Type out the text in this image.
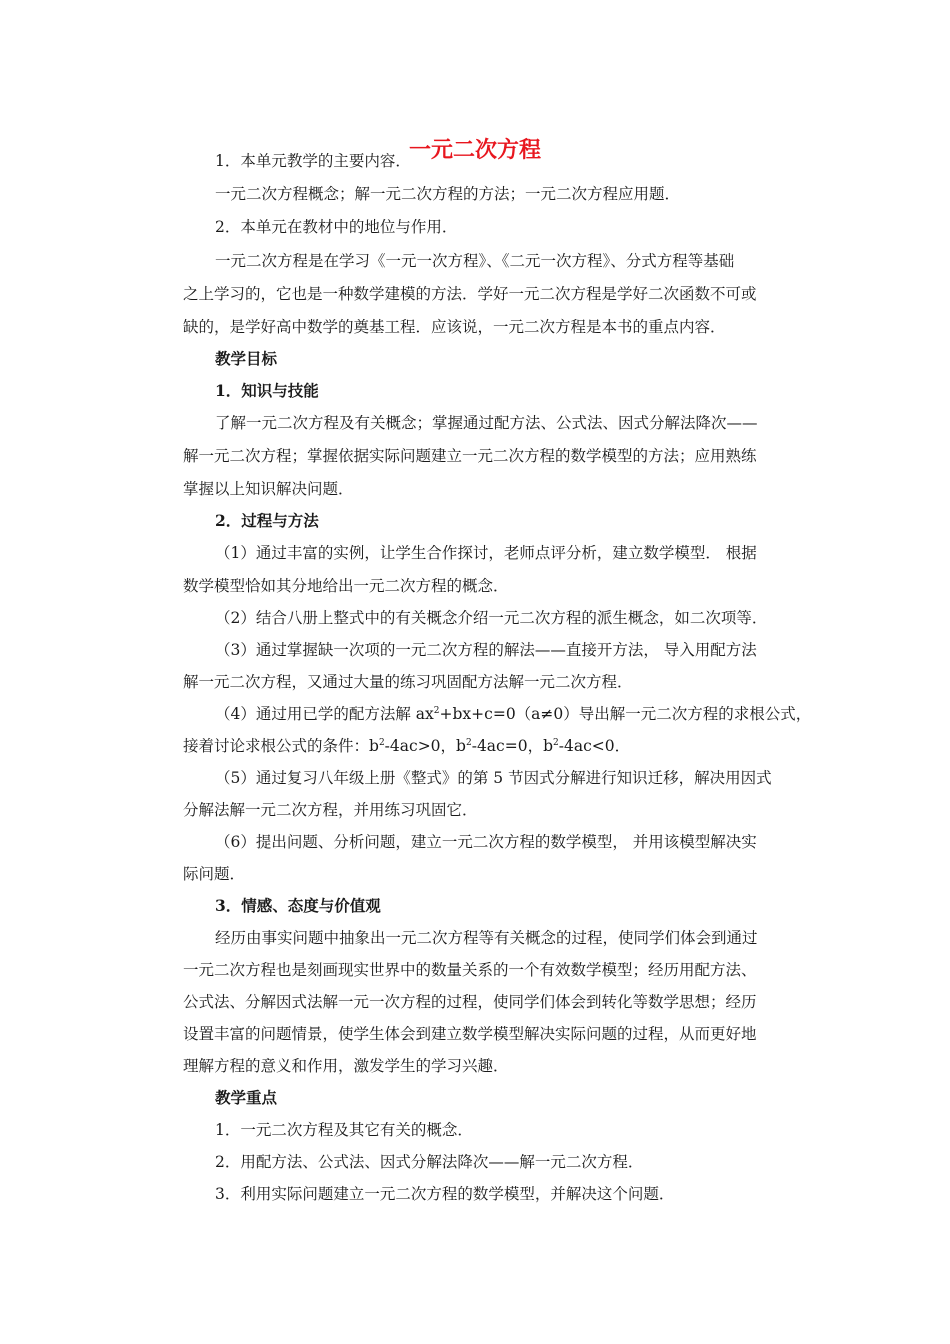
一元二次方程
1．本单元教学的主要内容．
一元二次方程概念；解一元二次方程的方法；一元二次方程应用题．
2．本单元在教材中的地位与作用．
一元二次方程是在学习《一元一次方程》、《二元一次方程》、分式方程等基础
之上学习的，它也是一种数学建模的方法．学好一元二次方程是学好二次函数不可或
缺的，是学好高中数学的奠基工程．应该说，一元二次方程是本书的重点内容．
教学目标
1．知识与技能
了解一元二次方程及有关概念；掌握通过配方法、公式法、因式分解法降次——
解一元二次方程；掌握依据实际问题建立一元二次方程的数学模型的方法；应用熟练
掌握以上知识解决问题．
2．过程与方法
（1）通过丰富的实例，让学生合作探讨，老师点评分析，建立数学模型． 根据
数学模型恰如其分地给出一元二次方程的概念．
（2）结合八册上整式中的有关概念介绍一元二次方程的派生概念，如二次项等．
（3）通过掌握缺一次项的一元二次方程的解法——直接开方法， 导入用配方法
解一元二次方程，又通过大量的练习巩固配方法解一元二次方程．
（4）通过用已学的配方法解 $ax^2+bx+c=0(a\ne 0)$导出解一元二次方程的求根公式，
接着讨论求根公式的条件：$b^2-4ac>0$，$b^2-4ac=0$，$b^2-4ac<0$．
（5）通过复习八年级上册《整式》的第 5 节因式分解进行知识迁移，解决用因式
分解法解一元二次方程，并用练习巩固它．
（6）提出问题、分析问题，建立一元二次方程的数学模型， 并用该模型解决实
际问题．
3．情感、态度与价值观
经历由事实问题中抽象出一元二次方程等有关概念的过程，使同学们体会到通过
一元二次方程也是刻画现实世界中的数量关系的一个有效数学模型；经历用配方法、
公式法、分解因式法解一元一次方程的过程，使同学们体会到转化等数学思想；经历
设置丰富的问题情景，使学生体会到建立数学模型解决实际问题的过程，从而更好地
理解方程的意义和作用，激发学生的学习兴趣．
教学重点
1．一元二次方程及其它有关的概念．
2．用配方法、公式法、因式分解法降次——解一元二次方程．
3．利用实际问题建立一元二次方程的数学模型，并解决这个问题．
